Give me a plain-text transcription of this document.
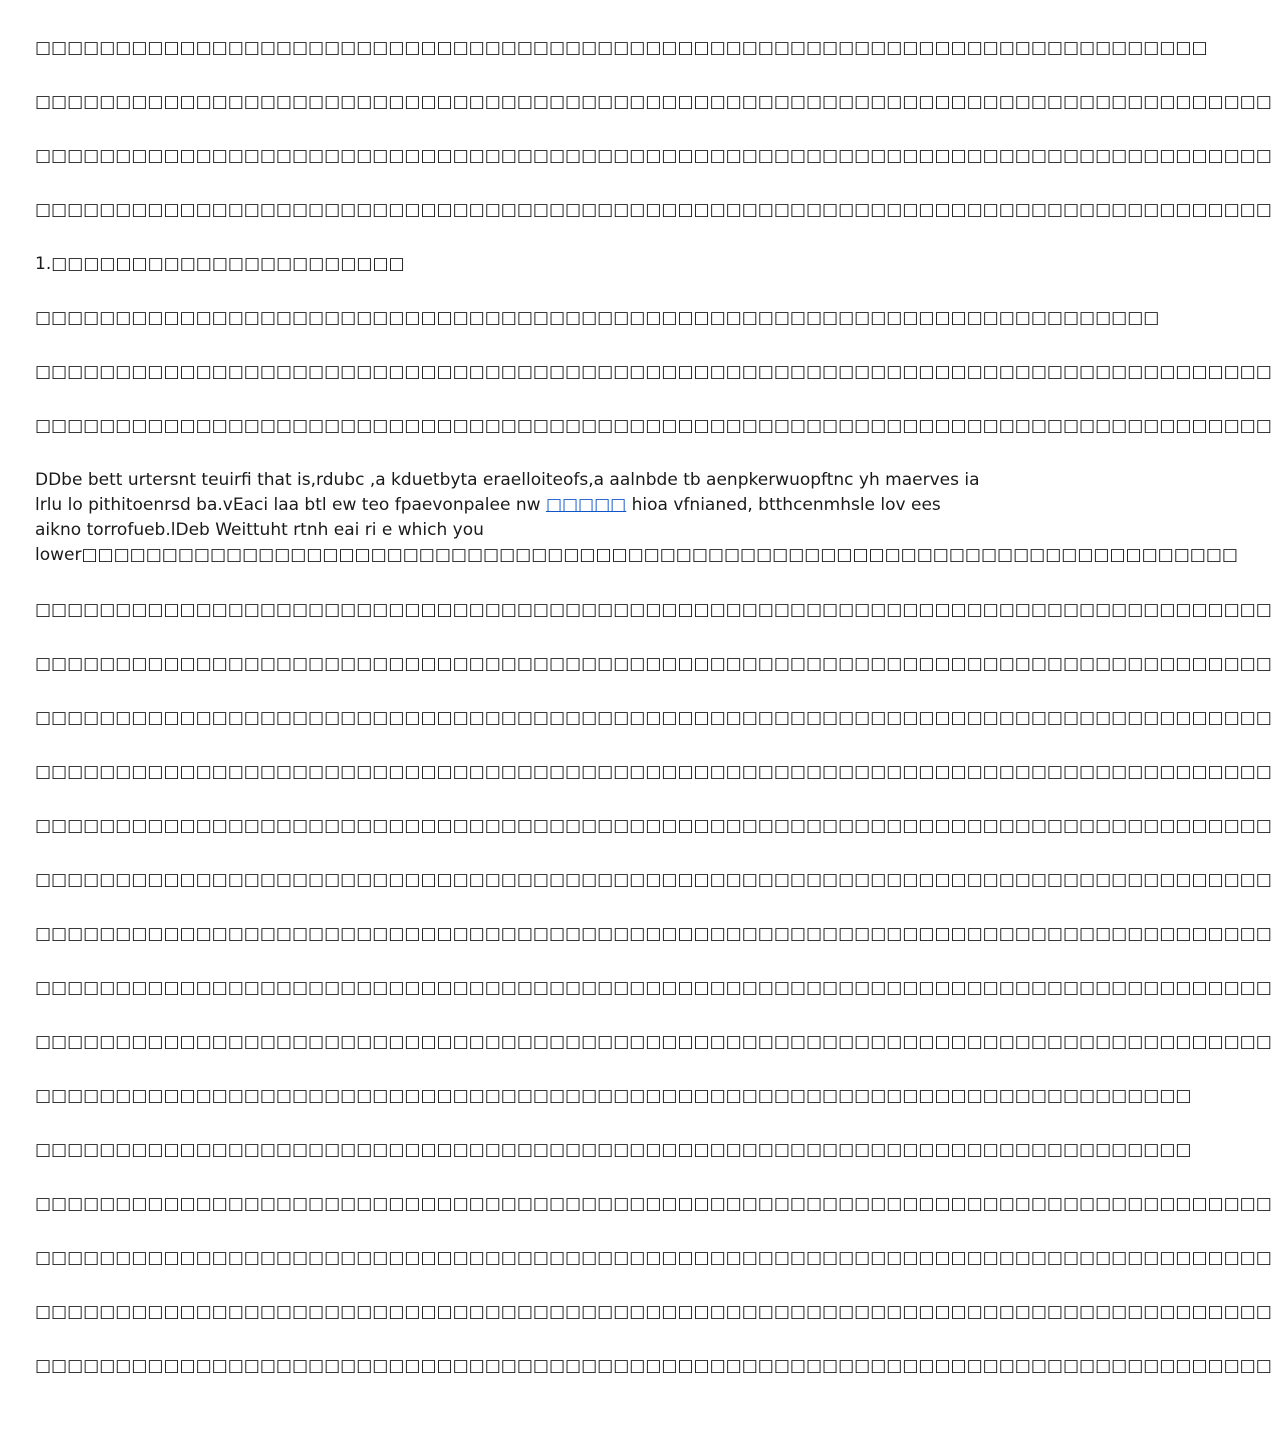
□□□□□□□□□□□□□□□□□□□□□□□□□□□□□□□□□□□□□□□□□□□□□□□□□□□□□□□□□□□□□□□□□□□□□□□□□

□□□□□□□□□□□□□□□□□□□□□□□□□□□□□□□□□□□□□□□□□□□□□□□□□□□□□□□□□□□□□□□□□□□□□□□□□□□□□

□□□□□□□□□□□□□□□□□□□□□□□□□□□□□□□□□□□□□□□□□□□□□□□□□□□□□□□□□□□□□□□□□□□□□□□□□□□□□

□□□□□□□□□□□□□□□□□□□□□□□□□□□□□□□□□□□□□□□□□□□□□□□□□□□□□□□□□□□□□□□□□□□□□□□□□□□□□

1.□□□□□□□□□□□□□□□□□□□□□□

□□□□□□□□□□□□□□□□□□□□□□□□□□□□□□□□□□□□□□□□□□□□□□□□□□□□□□□□□□□□□□□□□□□□□□

□□□□□□□□□□□□□□□□□□□□□□□□□□□□□□□□□□□□□□□□□□□□□□□□□□□□□□□□□□□□□□□□□□□□□□□□□□□□□

□□□□□□□□□□□□□□□□□□□□□□□□□□□□□□□□□□□□□□□□□□□□□□□□□□□□□□□□□□□□□□□□□□□□□□□□□□□□□

DDbe bett urtersnt teuirfi that is,rdubc ,a kduetbyta eraelloiteofs,a aalnbde tb aenpkerwuopftnc yh maerves ia lrlu lo pithitoenrsd ba.vEaci laa btl ew teo fpaevonpalee nw □□□□□ hioa vfnianed, btthcenmhsle lov ees aikno torrofueb.lDeb Weittuht rtnh eai ri e which you
lower□□□□□□□□□□□□□□□□□□□□□□□□□□□□□□□□□□□□□□□□□□□□□□□□□□□□□□□□□□□□□□□□□□□□□□□□

□□□□□□□□□□□□□□□□□□□□□□□□□□□□□□□□□□□□□□□□□□□□□□□□□□□□□□□□□□□□□□□□□□□□□□□□□□□□□

□□□□□□□□□□□□□□□□□□□□□□□□□□□□□□□□□□□□□□□□□□□□□□□□□□□□□□□□□□□□□□□□□□□□□□□□□□□□□

□□□□□□□□□□□□□□□□□□□□□□□□□□□□□□□□□□□□□□□□□□□□□□□□□□□□□□□□□□□□□□□□□□□□□□□□□□□□□

□□□□□□□□□□□□□□□□□□□□□□□□□□□□□□□□□□□□□□□□□□□□□□□□□□□□□□□□□□□□□□□□□□□□□□□□□□□□□

□□□□□□□□□□□□□□□□□□□□□□□□□□□□□□□□□□□□□□□□□□□□□□□□□□□□□□□□□□□□□□□□□□□□□□□□□□□□□

□□□□□□□□□□□□□□□□□□□□□□□□□□□□□□□□□□□□□□□□□□□□□□□□□□□□□□□□□□□□□□□□□□□□□□□□□□□□□

□□□□□□□□□□□□□□□□□□□□□□□□□□□□□□□□□□□□□□□□□□□□□□□□□□□□□□□□□□□□□□□□□□□□□□□□□□□□□

□□□□□□□□□□□□□□□□□□□□□□□□□□□□□□□□□□□□□□□□□□□□□□□□□□□□□□□□□□□□□□□□□□□□□□□□□□□□□

□□□□□□□□□□□□□□□□□□□□□□□□□□□□□□□□□□□□□□□□□□□□□□□□□□□□□□□□□□□□□□□□□□□□□□□□□□□□□

□□□□□□□□□□□□□□□□□□□□□□□□□□□□□□□□□□□□□□□□□□□□□□□□□□□□□□□□□□□□□□□□□□□□□□□□

□□□□□□□□□□□□□□□□□□□□□□□□□□□□□□□□□□□□□□□□□□□□□□□□□□□□□□□□□□□□□□□□□□□□□□□□

□□□□□□□□□□□□□□□□□□□□□□□□□□□□□□□□□□□□□□□□□□□□□□□□□□□□□□□□□□□□□□□□□□□□□□□□□□□□□

□□□□□□□□□□□□□□□□□□□□□□□□□□□□□□□□□□□□□□□□□□□□□□□□□□□□□□□□□□□□□□□□□□□□□□□□□□□□□

□□□□□□□□□□□□□□□□□□□□□□□□□□□□□□□□□□□□□□□□□□□□□□□□□□□□□□□□□□□□□□□□□□□□□□□□□□□□□

□□□□□□□□□□□□□□□□□□□□□□□□□□□□□□□□□□□□□□□□□□□□□□□□□□□□□□□□□□□□□□□□□□□□□□□□□□□□□
